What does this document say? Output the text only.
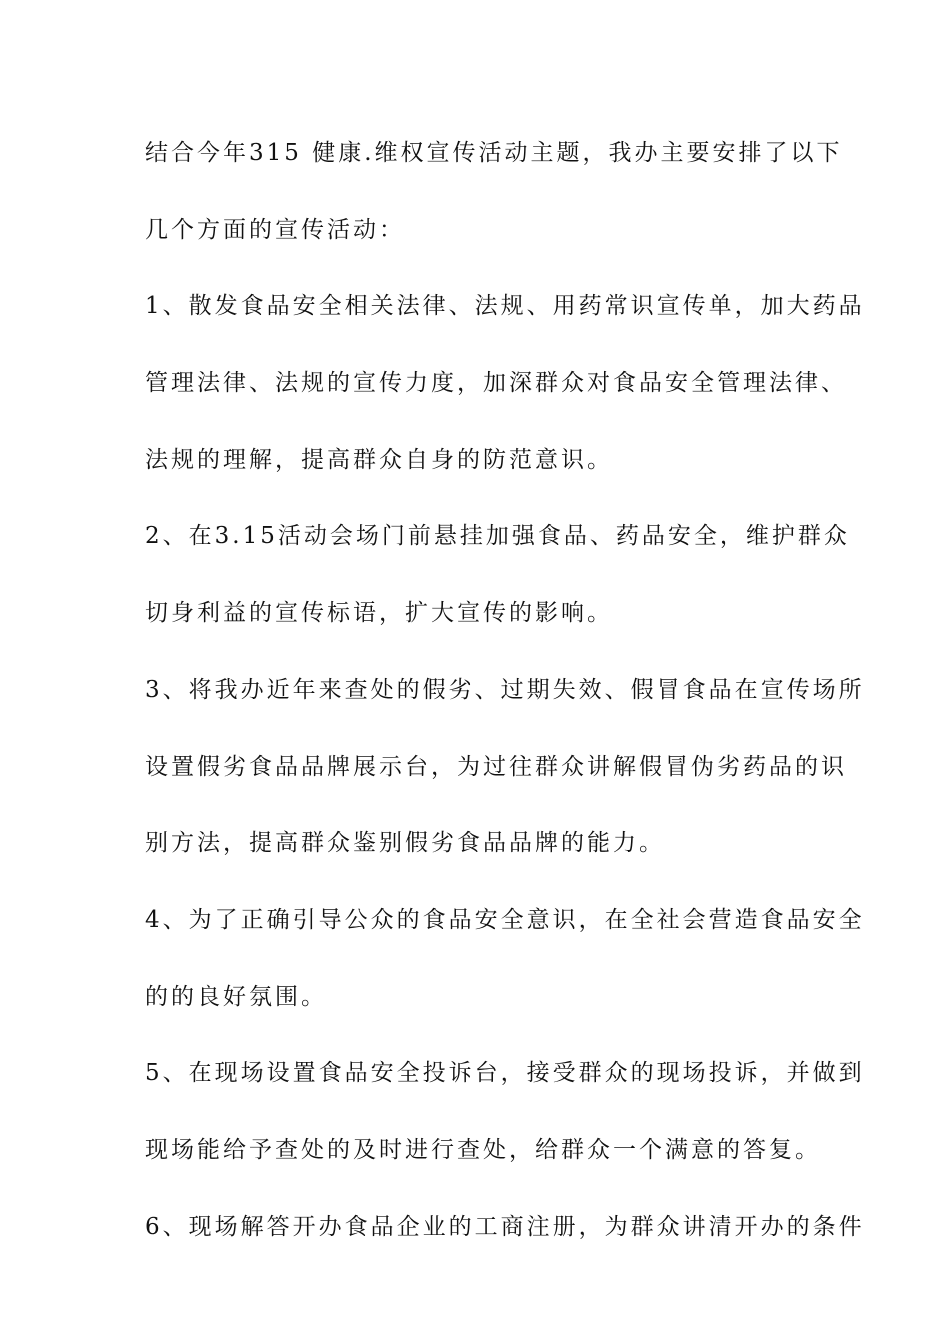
结合今年315 健康.维权宣传活动主题，我办主要安排了以下
几个方面的宣传活动：
1、散发食品安全相关法律、法规、用药常识宣传单，加大药品
管理法律、法规的宣传力度，加深群众对食品安全管理法律、
法规的理解，提高群众自身的防范意识。
2、在3.15活动会场门前悬挂加强食品、药品安全，维护群众
切身利益的宣传标语，扩大宣传的影响。
3、将我办近年来查处的假劣、过期失效、假冒食品在宣传场所
设置假劣食品品牌展示台，为过往群众讲解假冒伪劣药品的识
别方法，提高群众鉴别假劣食品品牌的能力。
4、为了正确引导公众的食品安全意识，在全社会营造食品安全
的的良好氛围。
5、在现场设置食品安全投诉台，接受群众的现场投诉，并做到
现场能给予查处的及时进行查处，给群众一个满意的答复。
6、现场解答开办食品企业的工商注册，为群众讲清开办的条件
